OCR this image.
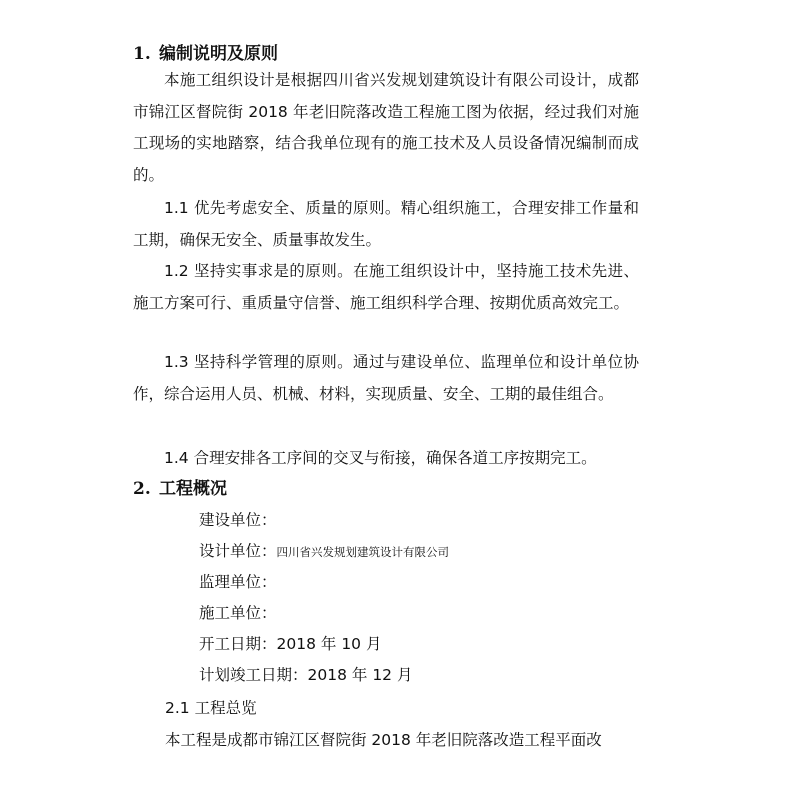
1. 编制说明及原则

本施工组织设计是根据四川省兴发规划建筑设计有限公司设计，成都市锦江区督院街 2018 年老旧院落改造工程施工图为依据，经过我们对施工现场的实地踏察，结合我单位现有的施工技术及人员设备情况编制而成的。

1.1 优先考虑安全、质量的原则。精心组织施工，合理安排工作量和工期，确保无安全、质量事故发生。

1.2 坚持实事求是的原则。在施工组织设计中，坚持施工技术先进、施工方案可行、重质量守信誉、施工组织科学合理、按期优质高效完工。

1.3 坚持科学管理的原则。通过与建设单位、监理单位和设计单位协作，综合运用人员、机械、材料，实现质量、安全、工期的最佳组合。

1.4 合理安排各工序间的交叉与衔接，确保各道工序按期完工。

2. 工程概况

建设单位：

设计单位：四川省兴发规划建筑设计有限公司

监理单位：

施工单位：

开工日期：2018 年 10 月

计划竣工日期：2018 年 12 月

2.1 工程总览

本工程是成都市锦江区督院街 2018 年老旧院落改造工程平面改
